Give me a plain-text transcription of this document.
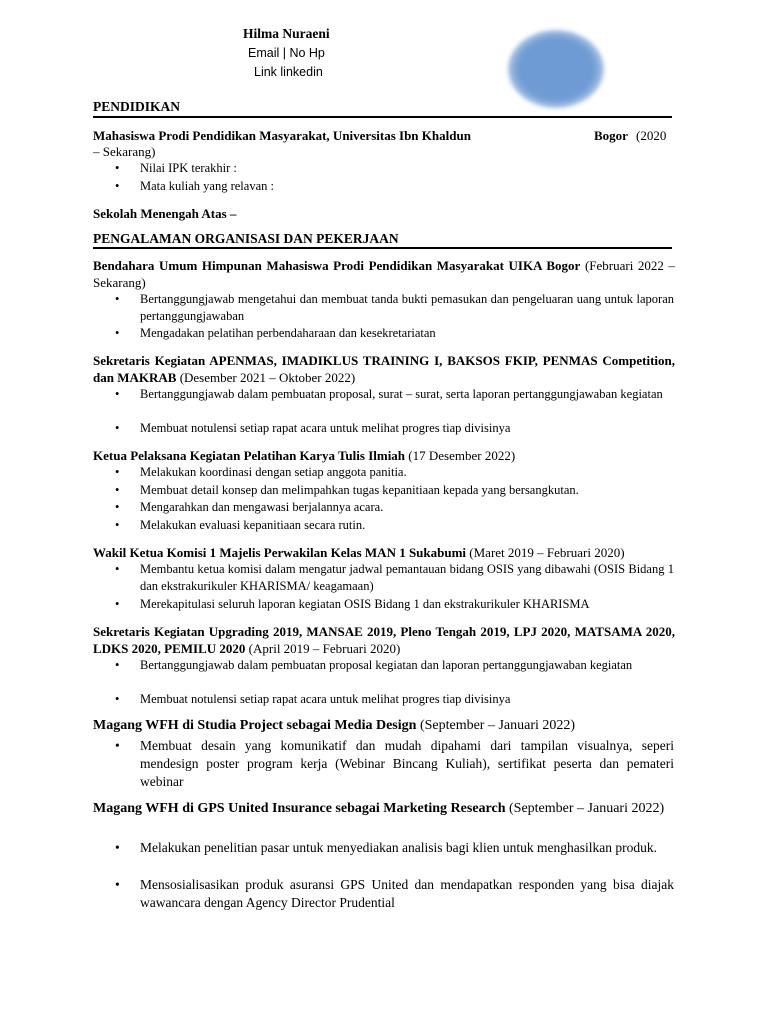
Hilma Nuraeni
Email | No Hp
Link linkedin
PENDIDIKAN
Mahasiswa Prodi Pendidikan Masyarakat, Universitas Ibn Khaldun	Bogor (2020
– Sekarang)
• Nilai IPK terakhir :
• Mata kuliah yang relavan :
Sekolah Menengah Atas –
PENGALAMAN ORGANISASI DAN PEKERJAAN
Bendahara Umum Himpunan Mahasiswa Prodi Pendidikan Masyarakat UIKA Bogor (Februari 2022 – Sekarang)
• Bertanggungjawab mengetahui dan membuat tanda bukti pemasukan dan pengeluaran uang untuk laporan pertanggungjawaban
• Mengadakan pelatihan perbendaharaan dan kesekretariatan
Sekretaris Kegiatan APENMAS, IMADIKLUS TRAINING I, BAKSOS FKIP, PENMAS Competition, dan MAKRAB (Desember 2021 – Oktober 2022)
• Bertanggungjawab dalam pembuatan proposal, surat – surat, serta laporan pertanggungjawaban kegiatan
• Membuat notulensi setiap rapat acara untuk melihat progres tiap divisinya
Ketua Pelaksana Kegiatan Pelatihan Karya Tulis Ilmiah (17 Desember 2022)
• Melakukan koordinasi dengan setiap anggota panitia.
• Membuat detail konsep dan melimpahkan tugas kepanitiaan kepada yang bersangkutan.
• Mengarahkan dan mengawasi berjalannya acara.
• Melakukan evaluasi kepanitiaan secara rutin.
Wakil Ketua Komisi 1 Majelis Perwakilan Kelas MAN 1 Sukabumi (Maret 2019 – Februari 2020)
• Membantu ketua komisi dalam mengatur jadwal pemantauan bidang OSIS yang dibawahi (OSIS Bidang 1 dan ekstrakurikuler KHARISMA/ keagamaan)
• Merekapitulasi seluruh laporan kegiatan OSIS Bidang 1 dan ekstrakurikuler KHARISMA
Sekretaris Kegiatan Upgrading 2019, MANSAE 2019, Pleno Tengah 2019, LPJ 2020, MATSAMA 2020, LDKS 2020, PEMILU 2020 (April 2019 – Februari 2020)
• Bertanggungjawab dalam pembuatan proposal kegiatan dan laporan pertanggungjawaban kegiatan
• Membuat notulensi setiap rapat acara untuk melihat progres tiap divisinya
Magang WFH di Studia Project sebagai Media Design (September – Januari 2022)
• Membuat desain yang komunikatif dan mudah dipahami dari tampilan visualnya, seperi mendesign poster program kerja (Webinar Bincang Kuliah), sertifikat peserta dan pemateri webinar
Magang WFH di GPS United Insurance sebagai Marketing Research (September – Januari 2022)
• Melakukan penelitian pasar untuk menyediakan analisis bagi klien untuk menghasilkan produk.
• Mensosialisasikan produk asuransi GPS United dan mendapatkan responden yang bisa diajak wawancara dengan Agency Director Prudential
